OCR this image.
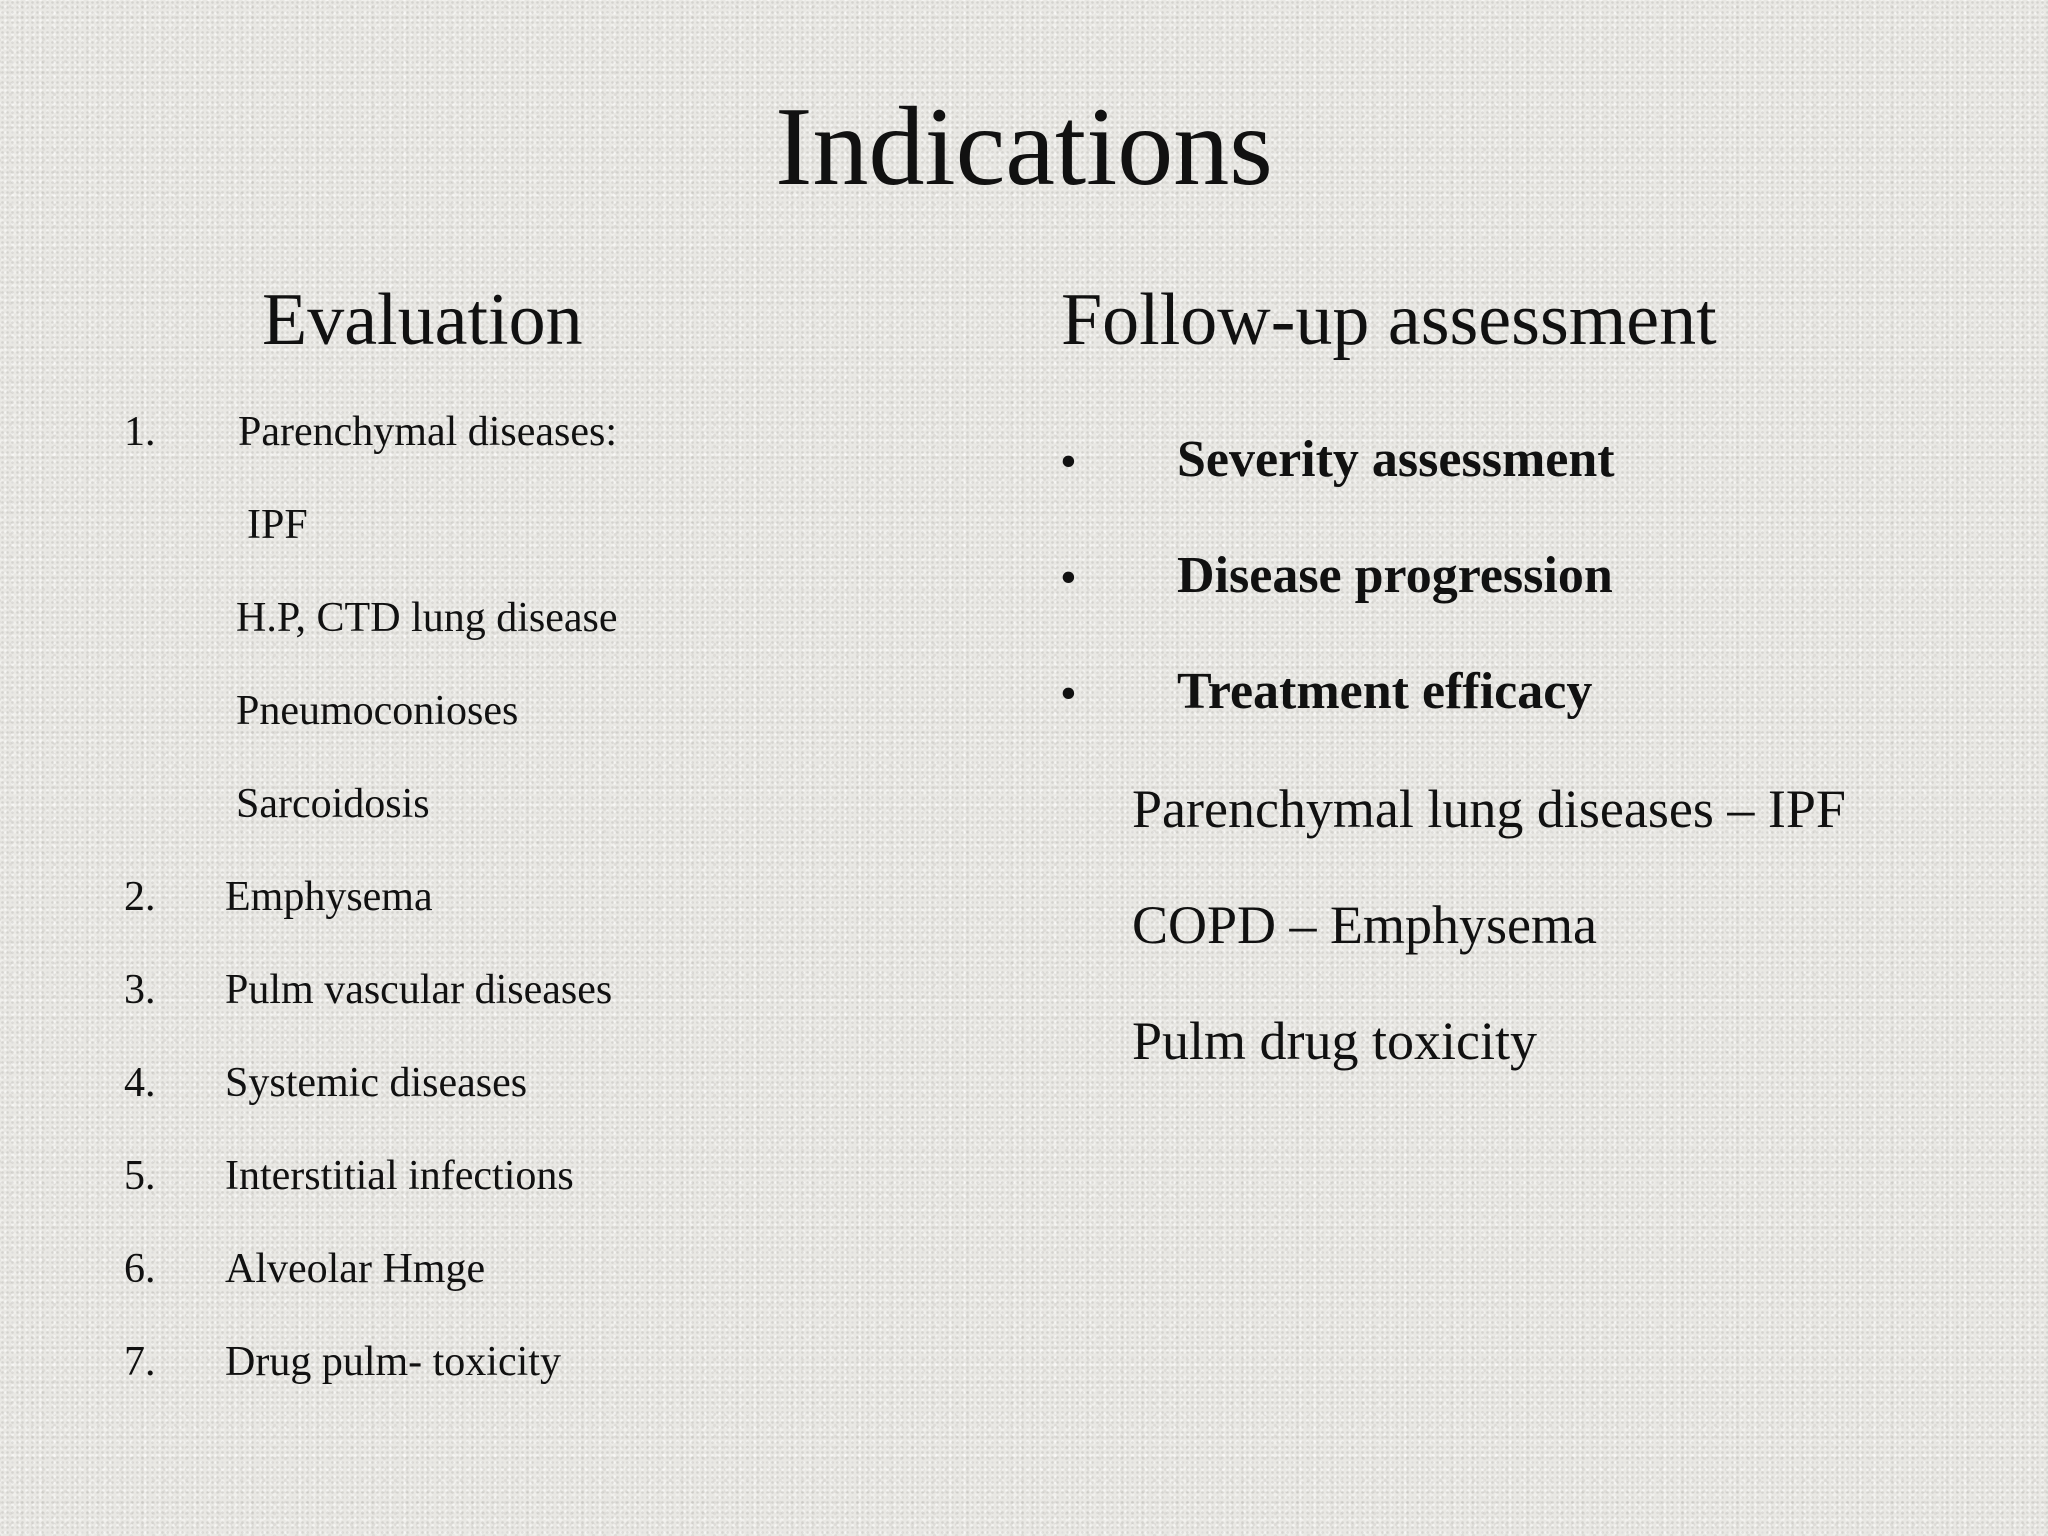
Indications
Evaluation	Follow-up assessment
1. Parenchymal diseases:
IPF
H.P, CTD lung disease
Pneumoconioses
Sarcoidosis
2. Emphysema
3. Pulm vascular diseases
4. Systemic diseases
5. Interstitial infections
6. Alveolar Hmge
7. Drug pulm- toxicity
• Severity assessment
• Disease progression
• Treatment efficacy
Parenchymal lung diseases – IPF
COPD – Emphysema
Pulm drug toxicity
